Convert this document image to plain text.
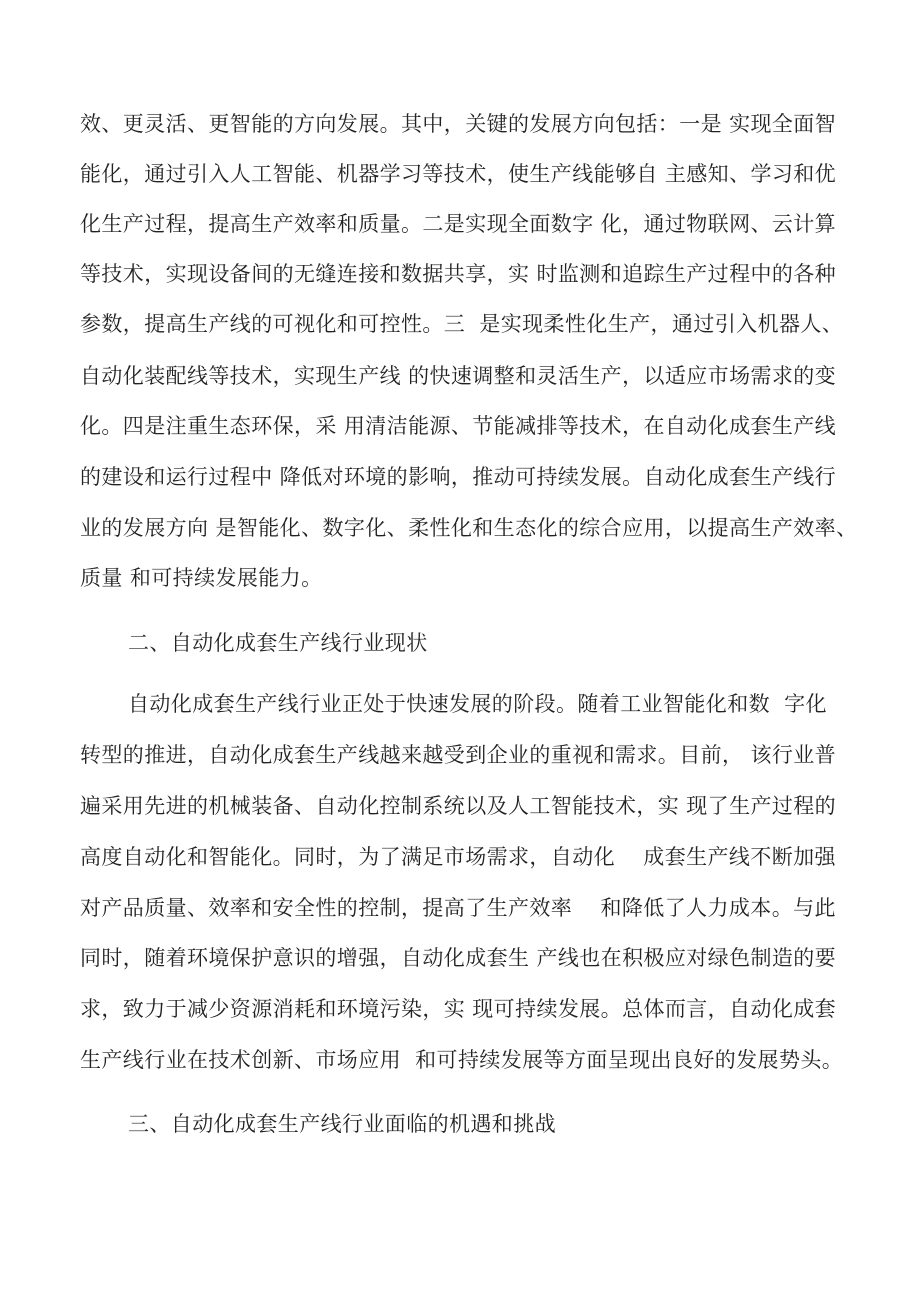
效、更灵活、更智能的方向发展。其中，关键的发展方向包括：一是 实现全面智
能化，通过引入人工智能、机器学习等技术，使生产线能够自 主感知、学习和优
化生产过程，提高生产效率和质量。二是实现全面数字 化，通过物联网、云计算
等技术，实现设备间的无缝连接和数据共享，实 时监测和追踪生产过程中的各种
参数，提高生产线的可视化和可控性。三  是实现柔性化生产，通过引入机器人、
自动化装配线等技术，实现生产线 的快速调整和灵活生产，以适应市场需求的变
化。四是注重生态环保，采 用清洁能源、节能减排等技术，在自动化成套生产线
的建设和运行过程中 降低对环境的影响，推动可持续发展。自动化成套生产线行
业的发展方向 是智能化、数字化、柔性化和生态化的综合应用，以提高生产效率、
质量 和可持续发展能力。
二、自动化成套生产线行业现状
自动化成套生产线行业正处于快速发展的阶段。随着工业智能化和数  字化
转型的推进，自动化成套生产线越来越受到企业的重视和需求。目前， 该行业普
遍采用先进的机械装备、自动化控制系统以及人工智能技术，实 现了生产过程的
高度自动化和智能化。同时，为了满足市场需求，自动化    成套生产线不断加强
对产品质量、效率和安全性的控制，提高了生产效率    和降低了人力成本。与此
同时，随着环境保护意识的增强，自动化成套生 产线也在积极应对绿色制造的要
求，致力于减少资源消耗和环境污染，实 现可持续发展。总体而言，自动化成套
生产线行业在技术创新、市场应用  和可持续发展等方面呈现出良好的发展势头。
三、自动化成套生产线行业面临的机遇和挑战
